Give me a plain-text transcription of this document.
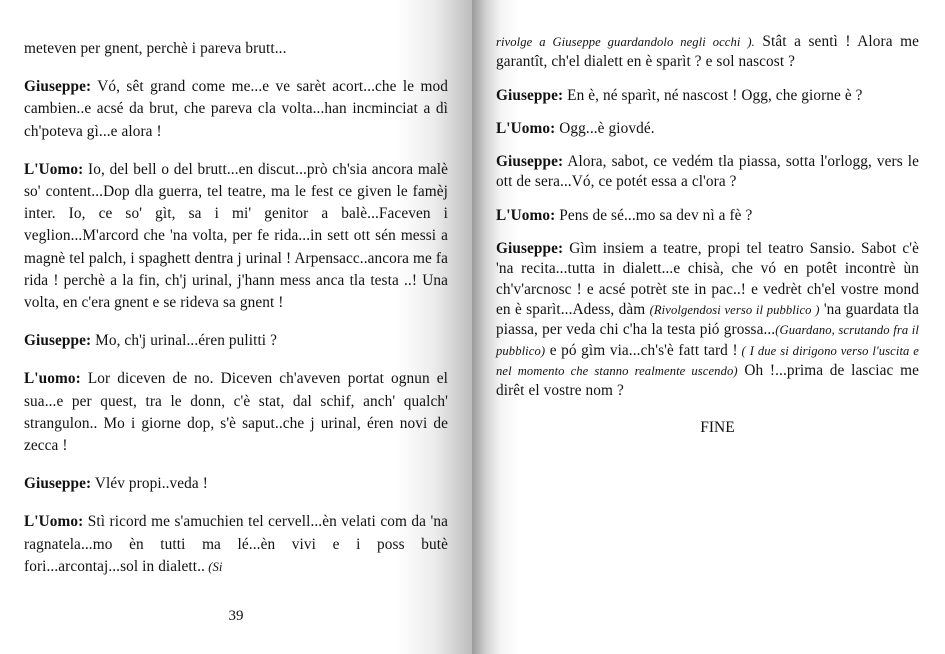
meteven per gnent, perchè i pareva brutt...

Giuseppe: Vó, sêt grand come me...e ve sarèt acort...che le mod cambien..e acsé da brut, che pareva cla volta...han incminciat a dì ch'poteva gì...e alora !

L'Uomo: Io, del bell o del brutt...en discut...prò ch'sia ancora malè so' content...Dop dla guerra, tel teatre, ma le fest ce given le famèj inter. Io, ce so' gìt, sa i mi' genitor a balè...Faceven i veglion...M'arcord che 'na volta, per fe rida...in sett ott sén messi a magnè tel palch, i spaghett dentra j urinal ! Arpensacc..ancora me fa rida ! perchè a la fin, ch'j urinal, j'hann mess anca tla testa ..! Una volta, en c'era gnent e se rideva sa gnent !

Giuseppe: Mo, ch'j urinal...éren pulitti ?

L'uomo: Lor diceven de no. Diceven ch'aveven portat ognun el sua...e per quest, tra le donn, c'è stat, dal schif, anch' qualch' strangulon.. Mo i giorne dop, s'è saput..che j urinal, éren novi de zecca !

Giuseppe: Vlév propi..veda !

L'Uomo: Stì ricord me s'amuchien tel cervell...èn velati com da 'na ragnatela...mo èn tutti ma lé...èn vivi e i poss butè fori...arcontaj...sol in dialett.. (Si

39

rivolge a Giuseppe guardandolo negli occhi ). Stât a sentì ! Alora me garantît, ch'el dialett en è sparìt ? e sol nascost ?

Giuseppe: En è, né sparìt, né nascost ! Ogg, che giorne è ?

L'Uomo: Ogg...è giovdé.

Giuseppe: Alora, sabot, ce vedém tla piassa, sotta l'orlogg, vers le ott de sera...Vó, ce potét essa a cl'ora ?

L'Uomo: Pens de sé...mo sa dev nì a fè ?

Giuseppe: Gìm insiem a teatre, propi tel teatro Sansio. Sabot c'è 'na recita...tutta in dialett...e chisà, che vó en potêt incontrè ùn ch'v'arcnosc ! e acsé potrèt ste in pac..! e vedrèt ch'el vostre mond en è sparìt...Adess, dàm (Rivolgendosi verso il pubblico ) 'na guardata tla piassa, per veda chi c'ha la testa pió grossa...(Guardano, scrutando fra il pubblico) e pó gìm via...ch's'è fatt tard ! ( I due si dirigono verso l'uscita e nel momento che stanno realmente uscendo) Oh !...prima de lasciac me dirêt el vostre nom ?

FINE
